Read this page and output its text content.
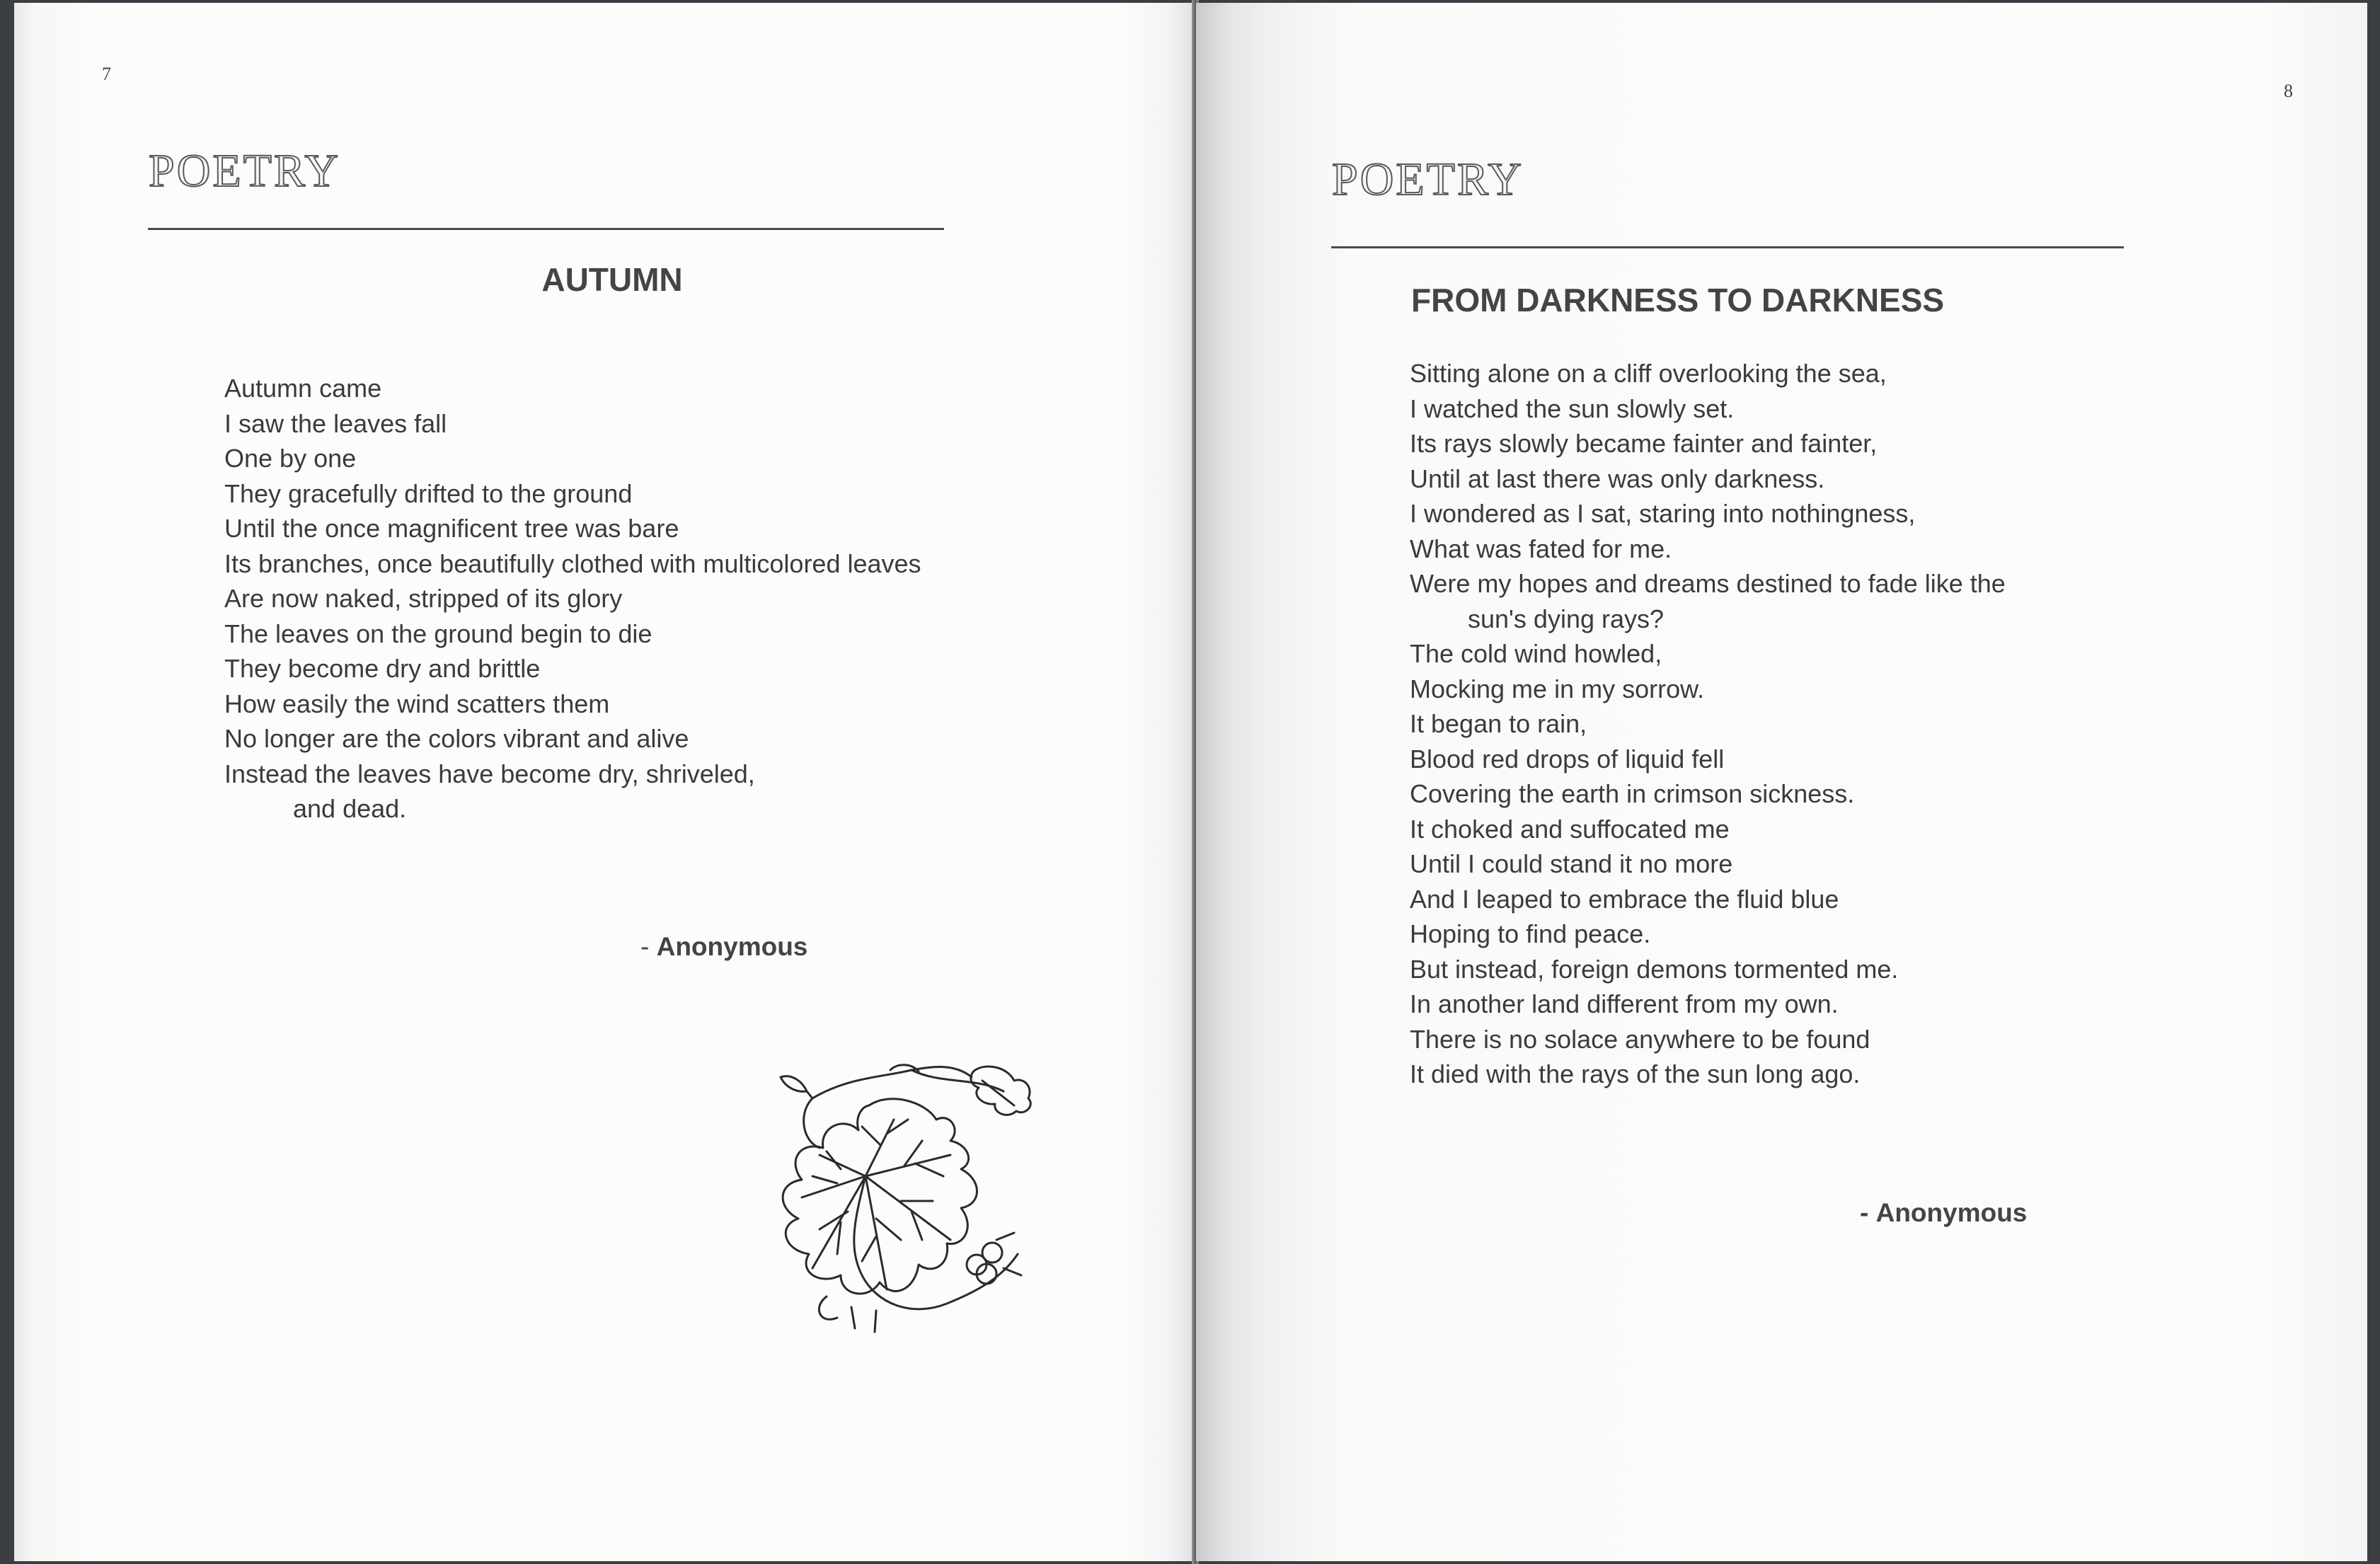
7
POETRY
AUTUMN
Autumn came
I saw the leaves fall
One by one
They gracefully drifted to the ground
Until the once magnificent tree was bare
Its branches, once beautifully clothed with multicolored leaves
Are now naked, stripped of its glory
The leaves on the ground begin to die
They become dry and brittle
How easily the wind scatters them
No longer are the colors vibrant and alive
Instead the leaves have become dry, shriveled,
and dead.
- Anonymous
8
POETRY
FROM DARKNESS TO DARKNESS
Sitting alone on a cliff overlooking the sea,
I watched the sun slowly set.
Its rays slowly became fainter and fainter,
Until at last there was only darkness.
I wondered as I sat, staring into nothingness,
What was fated for me.
Were my hopes and dreams destined to fade like the
sun's dying rays?
The cold wind howled,
Mocking me in my sorrow.
It began to rain,
Blood red drops of liquid fell
Covering the earth in crimson sickness.
It choked and suffocated me
Until I could stand it no more
And I leaped to embrace the fluid blue
Hoping to find peace.
But instead, foreign demons tormented me.
In another land different from my own.
There is no solace anywhere to be found
It died with the rays of the sun long ago.
- Anonymous
